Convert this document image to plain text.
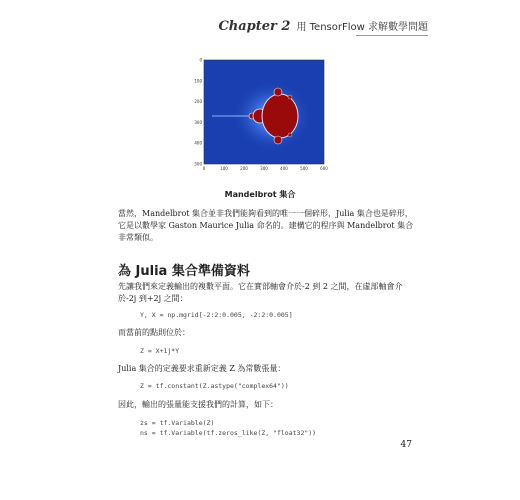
Chapter 2 用 TensorFlow 求解數學問題
0
100
200
300
400
500
0	100	200	300	400	500	600
Mandelbrot 集合

當然，Mandelbrot 集合並非我們能夠看到的唯一一個碎形，Julia 集合也是碎形，它是以數學家 Gaston Maurice Julia 命名的。建構它的程序與 Mandelbrot 集合非常類似。

為 Julia 集合準備資料

先讓我們來定義輸出的複數平面。它在實部軸會介於-2 到 2 之間，在虛部軸會介於-2j 到+2j 之間：

Y, X = np.mgrid[-2:2:0.005, -2:2:0.005]

而當前的點則位於：

Z = X+1j*Y

Julia 集合的定義要求重新定義 Z 為常數張量：

Z = tf.constant(Z.astype("complex64"))

因此，輸出的張量能支援我們的計算，如下：

zs = tf.Variable(Z)
ns = tf.Variable(tf.zeros_like(Z, "float32"))
47
